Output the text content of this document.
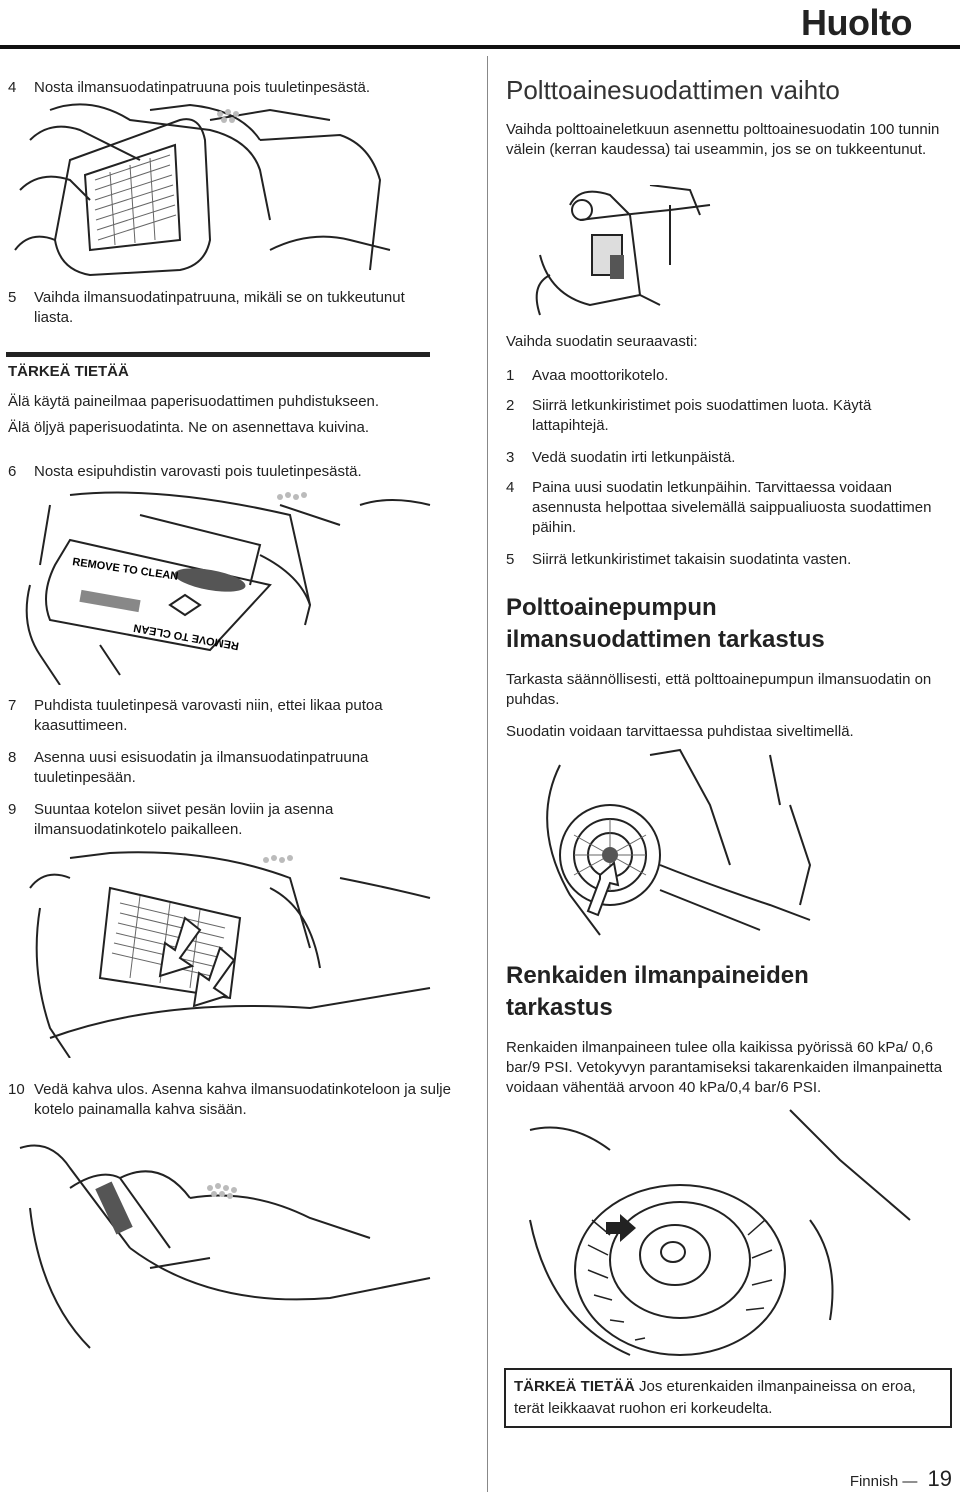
Huolto
4 Nosta ilmansuodatinpatruuna pois tuuletinpesästä.
5 Vaihda ilmansuodatinpatruuna, mikäli se on tukkeutunut liasta.
TÄRKEÄ TIETÄÄ
Älä käytä paineilmaa paperisuodattimen puhdistukseen.
Älä öljyä paperisuodatinta. Ne on asennettava kuivina.
6 Nosta esipuhdistin varovasti pois tuuletinpesästä.
REMOVE TO CLEAN
REMOVE TO CLEAN
7 Puhdista tuuletinpesä varovasti niin, ettei likaa putoa kaasuttimeen.
8 Asenna uusi esisuodatin ja ilmansuodatinpatruuna tuuletinpesään.
9 Suuntaa kotelon siivet pesän loviin ja asenna ilmansuodatinkotelo paikalleen.
10 Vedä kahva ulos. Asenna kahva ilmansuodatinkoteloon ja sulje kotelo painamalla kahva sisään.
Polttoainesuodattimen vaihto
Vaihda polttoaineletkuun asennettu polttoainesuodatin 100 tunnin välein (kerran kaudessa) tai useammin, jos se on tukkeentunut.
Vaihda suodatin seuraavasti:
1 Avaa moottorikotelo.
2 Siirrä letkunkiristimet pois suodattimen luota. Käytä lattapihtejä.
3 Vedä suodatin irti letkunpäistä.
4 Paina uusi suodatin letkunpäihin. Tarvittaessa voidaan asennusta helpottaa sivelemällä saippualiuosta suodattimen päihin.
5 Siirrä letkunkiristimet takaisin suodatinta vasten.
Polttoainepumpun
ilmansuodattimen tarkastus
Tarkasta säännöllisesti, että polttoainepumpun ilmansuodatin on puhdas.
Suodatin voidaan tarvittaessa puhdistaa siveltimellä.
Renkaiden ilmanpaineiden
tarkastus
Renkaiden ilmanpaineen tulee olla kaikissa pyörissä 60 kPa/ 0,6 bar/9 PSI. Vetokyvyn parantamiseksi takarenkaiden ilmanpainetta voidaan vähentää arvoon 40 kPa/0,4 bar/6 PSI.
TÄRKEÄ TIETÄÄ Jos eturenkaiden ilmanpaineissa on eroa, terät leikkaavat ruohon eri korkeudelta.
Finnish — 19
